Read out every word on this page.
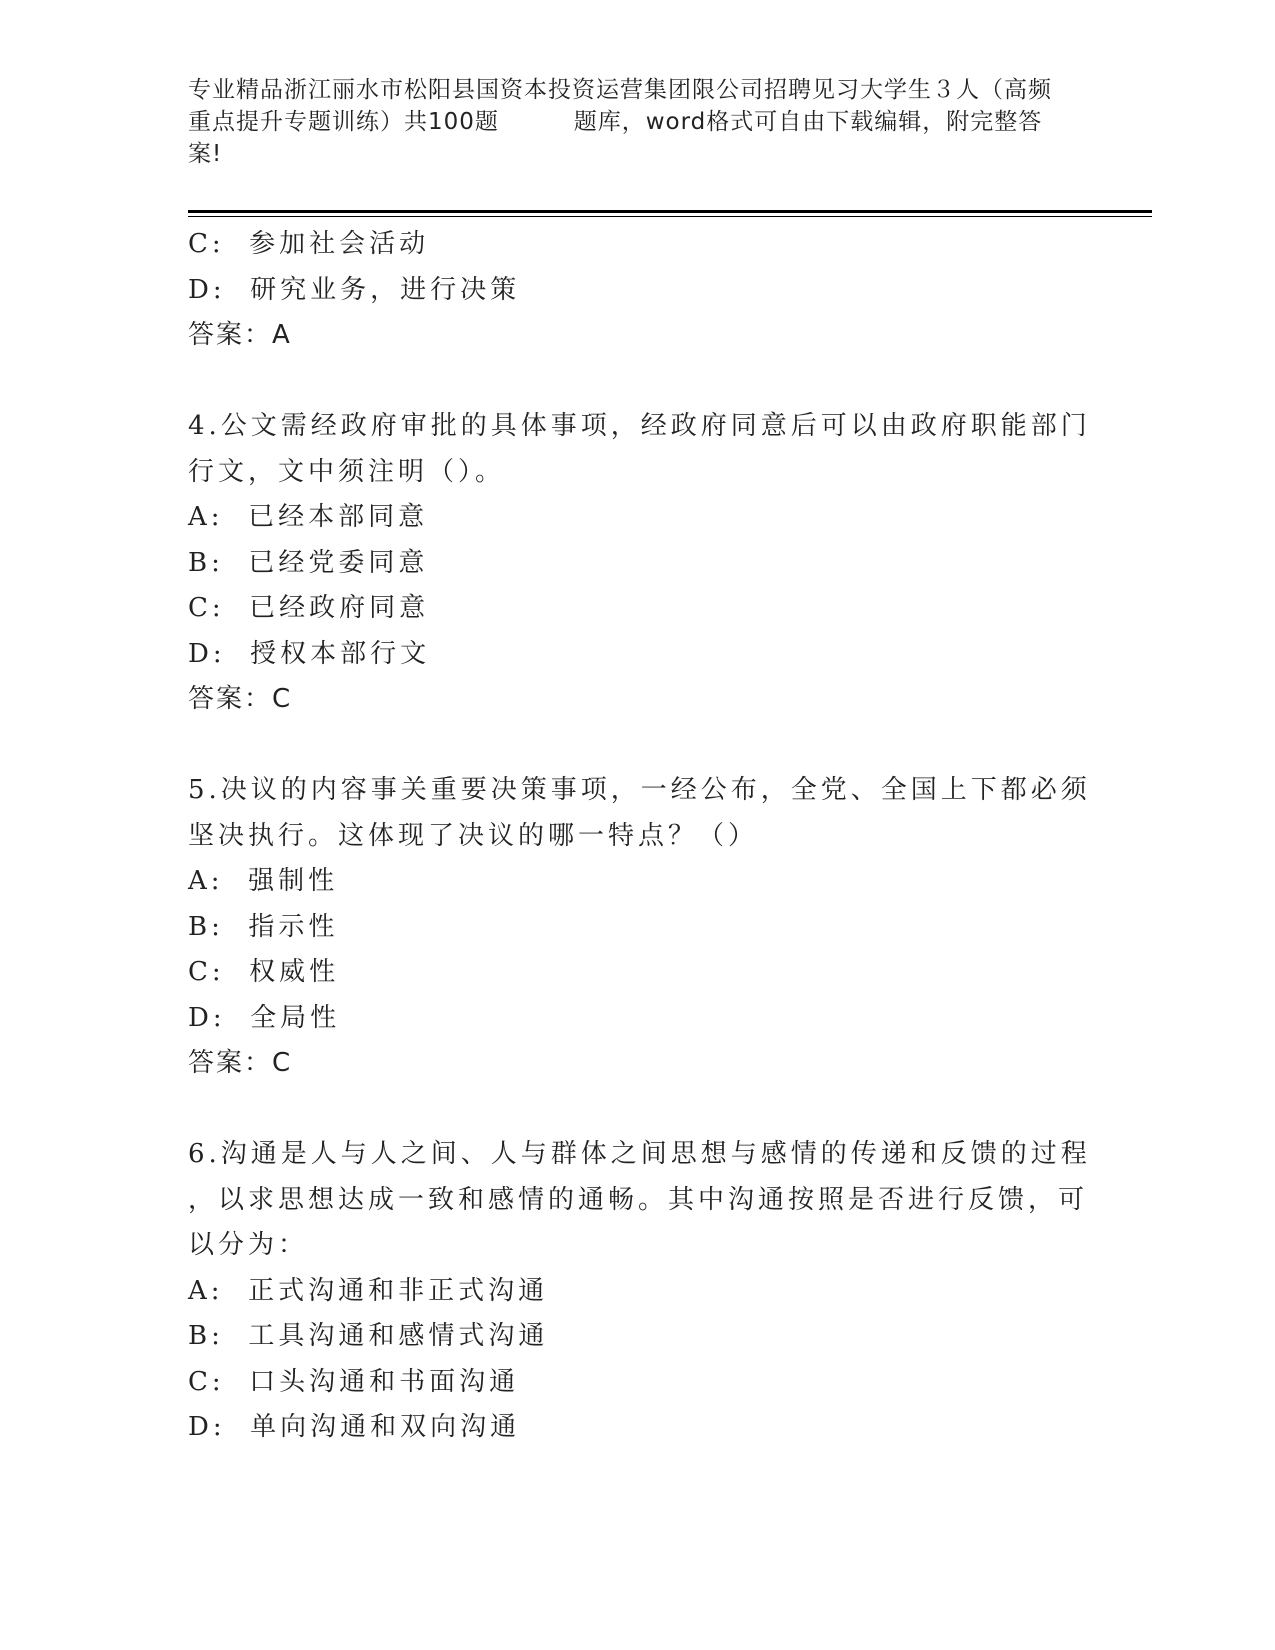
专业精品浙江丽水市松阳县国资本投资运营集团限公司招聘见习大学生３人（高频
重点提升专题训练）共100题         题库，word格式可自由下载编辑，附完整答
案!
C:  参加社会活动
D:  研究业务，进行决策
答案：A
4.公文需经政府审批的具体事项，经政府同意后可以由政府职能部门
行文，文中须注明（）。
A:  已经本部同意
B:  已经党委同意
C:  已经政府同意
D:  授权本部行文
答案：C
5.决议的内容事关重要决策事项，一经公布，全党、全国上下都必须
坚决执行。这体现了决议的哪一特点？（）
A:  强制性
B:  指示性
C:  权威性
D:  全局性
答案：C
6.沟通是人与人之间、人与群体之间思想与感情的传递和反馈的过程
，以求思想达成一致和感情的通畅。其中沟通按照是否进行反馈，可
以分为：
A:  正式沟通和非正式沟通
B:  工具沟通和感情式沟通
C:  口头沟通和书面沟通
D:  单向沟通和双向沟通
